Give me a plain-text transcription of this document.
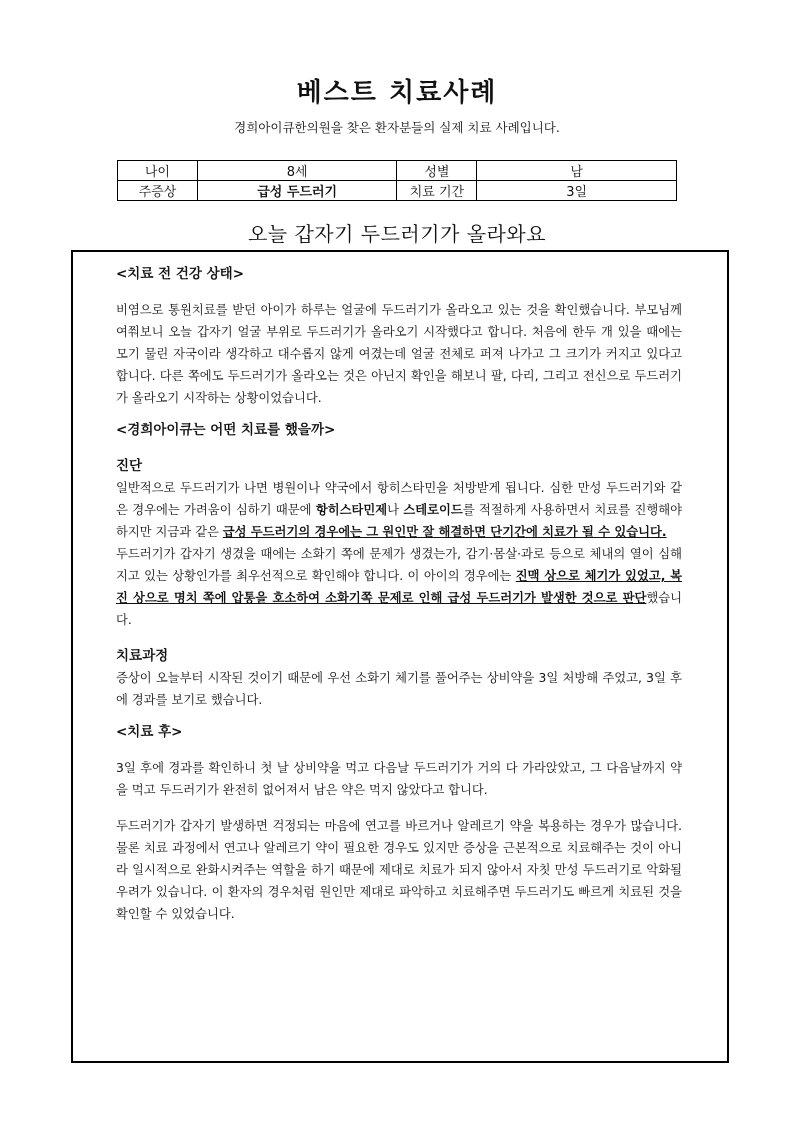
베스트 치료사례
경희아이큐한의원을 찾은 환자분들의 실제 치료 사례입니다.
나이	8세	성별	남
주증상	급성 두드러기	치료 기간	3일
오늘 갑자기 두드러기가 올라와요

<치료 전 건강 상태>

비염으로 통원치료를 받던 아이가 하루는 얼굴에 두드러기가 올라오고 있는 것을 확인했습니다. 부모님께 여쭤보니 오늘 갑자기 얼굴 부위로 두드러기가 올라오기 시작했다고 합니다. 처음에 한두 개 있을 때에는 모기 물린 자국이라 생각하고 대수롭지 않게 여겼는데 얼굴 전체로 퍼져 나가고 그 크기가 커지고 있다고 합니다. 다른 쪽에도 두드러기가 올라오는 것은 아닌지 확인을 해보니 팔, 다리, 그리고 전신으로 두드러기가 올라오기 시작하는 상황이었습니다.

<경희아이큐는 어떤 치료를 했을까>

진단

일반적으로 두드러기가 나면 병원이나 약국에서 항히스타민을 처방받게 됩니다. 심한 만성 두드러기와 같은 경우에는 가려움이 심하기 때문에 항히스타민제나 스테로이드를 적절하게 사용하면서 치료를 진행해야 하지만 지금과 같은 급성 두드러기의 경우에는 그 원인만 잘 해결하면 단기간에 치료가 될 수 있습니다.

두드러기가 갑자기 생겼을 때에는 소화기 쪽에 문제가 생겼는가, 감기·몸살·과로 등으로 체내의 열이 심해지고 있는 상황인가를 최우선적으로 확인해야 합니다. 이 아이의 경우에는 진맥 상으로 체기가 있었고, 복진 상으로 명치 쪽에 압통을 호소하여 소화기쪽 문제로 인해 급성 두드러기가 발생한 것으로 판단했습니다.

치료과정

증상이 오늘부터 시작된 것이기 때문에 우선 소화기 체기를 풀어주는 상비약을 3일 처방해 주었고, 3일 후에 경과를 보기로 했습니다.

<치료 후>

3일 후에 경과를 확인하니 첫 날 상비약을 먹고 다음날 두드러기가 거의 다 가라앉았고, 그 다음날까지 약을 먹고 두드러기가 완전히 없어져서 남은 약은 먹지 않았다고 합니다.

두드러기가 갑자기 발생하면 걱정되는 마음에 연고를 바르거나 알레르기 약을 복용하는 경우가 많습니다. 물론 치료 과정에서 연고나 알레르기 약이 필요한 경우도 있지만 증상을 근본적으로 치료해주는 것이 아니라 일시적으로 완화시켜주는 역할을 하기 때문에 제대로 치료가 되지 않아서 자칫 만성 두드러기로 악화될 우려가 있습니다. 이 환자의 경우처럼 원인만 제대로 파악하고 치료해주면 두드러기도 빠르게 치료된 것을 확인할 수 있었습니다.
